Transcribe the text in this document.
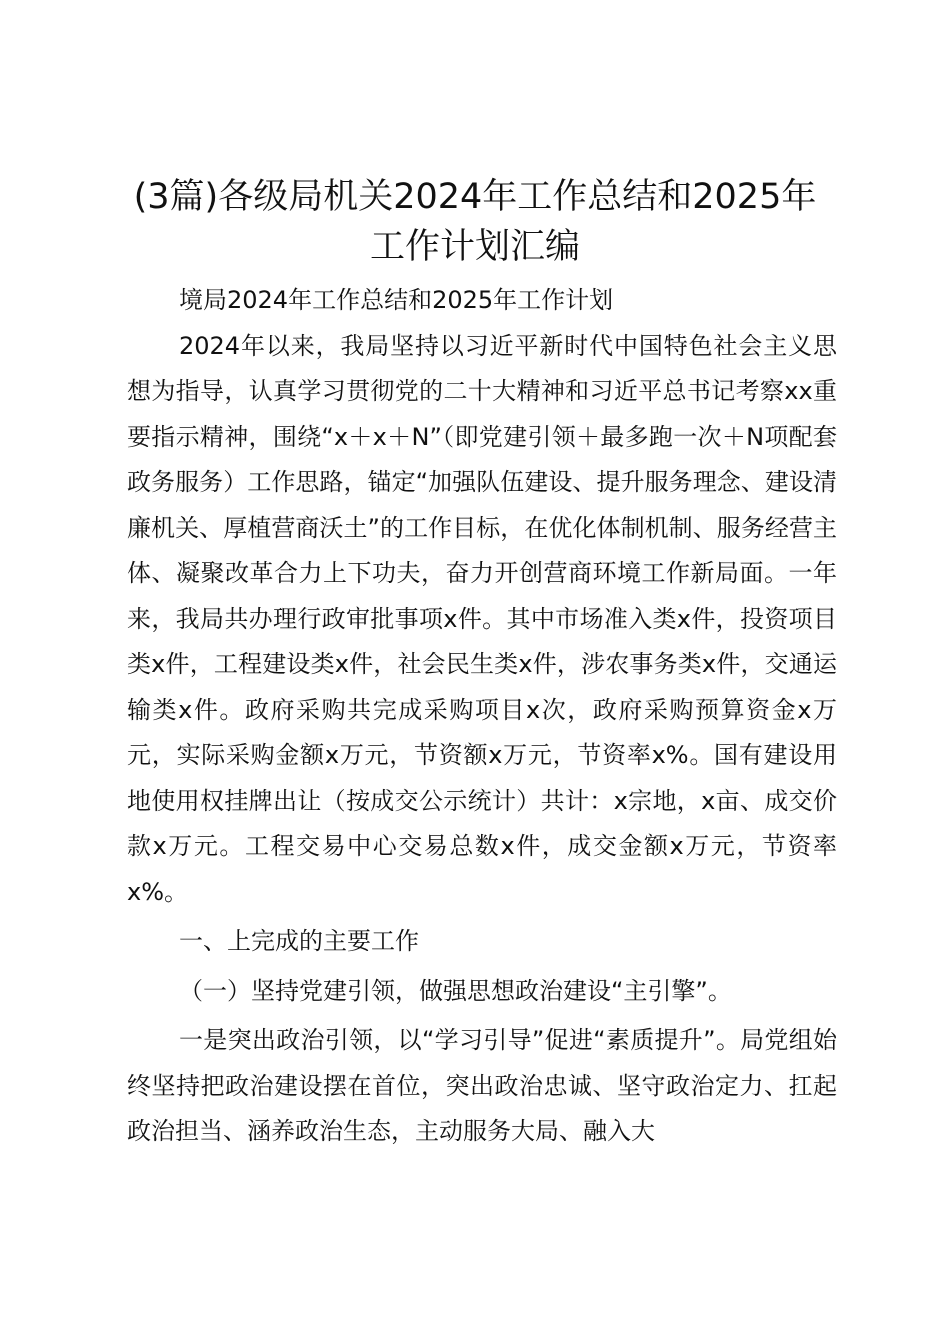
(3篇)各级局机关2024年工作总结和2025年工作计划汇编

境局2024年工作总结和2025年工作计划

2024年以来，我局坚持以习近平新时代中国特色社会主义思想为指导，认真学习贯彻党的二十大精神和习近平总书记考察xx重要指示精神，围绕“x＋x＋N”（即党建引领＋最多跑一次＋N项配套政务服务）工作思路，锚定“加强队伍建设、提升服务理念、建设清廉机关、厚植营商沃土”的工作目标，在优化体制机制、服务经营主体、凝聚改革合力上下功夫，奋力开创营商环境工作新局面。一年来，我局共办理行政审批事项x件。其中市场准入类x件，投资项目类x件，工程建设类x件，社会民生类x件，涉农事务类x件，交通运输类x件。政府采购共完成采购项目x次，政府采购预算资金x万元，实际采购金额x万元，节资额x万元，节资率x%。国有建设用地使用权挂牌出让（按成交公示统计）共计：x宗地，x亩、成交价款x万元。工程交易中心交易总数x件，成交金额x万元，节资率x%。

一、上完成的主要工作

（一）坚持党建引领，做强思想政治建设“主引擎”。

一是突出政治引领，以“学习引导”促进“素质提升”。局党组始终坚持把政治建设摆在首位，突出政治忠诚、坚守政治定力、扛起政治担当、涵养政治生态，主动服务大局、融入大
